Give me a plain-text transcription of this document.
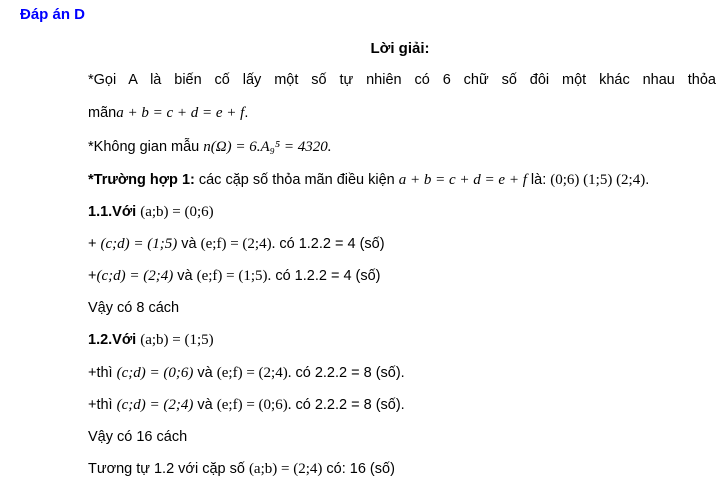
Đáp án D
Lời giải:
*Gọi A là biến cố lấy một số tự nhiên có 6 chữ số đôi một khác nhau thỏa
mãna + b = c + d = e + f.
*Không gian mẫu n(Ω) = 6.A₉⁵ = 4320.
*Trường hợp 1: các cặp số thỏa mãn điều kiện a + b = c + d = e + f là: (0;6) (1;5) (2;4).
1.1.Với (a;b) = (0;6)
+ (c;d) = (1;5) và (e;f) = (2;4). có 1.2.2 = 4 (số)
+(c;d) = (2;4) và (e;f) = (1;5). có 1.2.2 = 4 (số)
Vậy có 8 cách
1.2.Với (a;b) = (1;5)
+thì (c;d) = (0;6) và (e;f) = (2;4). có 2.2.2 = 8 (số).
+thì (c;d) = (2;4) và (e;f) = (0;6). có 2.2.2 = 8 (số).
Vậy có 16 cách
Tương tự 1.2 với cặp số (a;b) = (2;4) có: 16 (số)
